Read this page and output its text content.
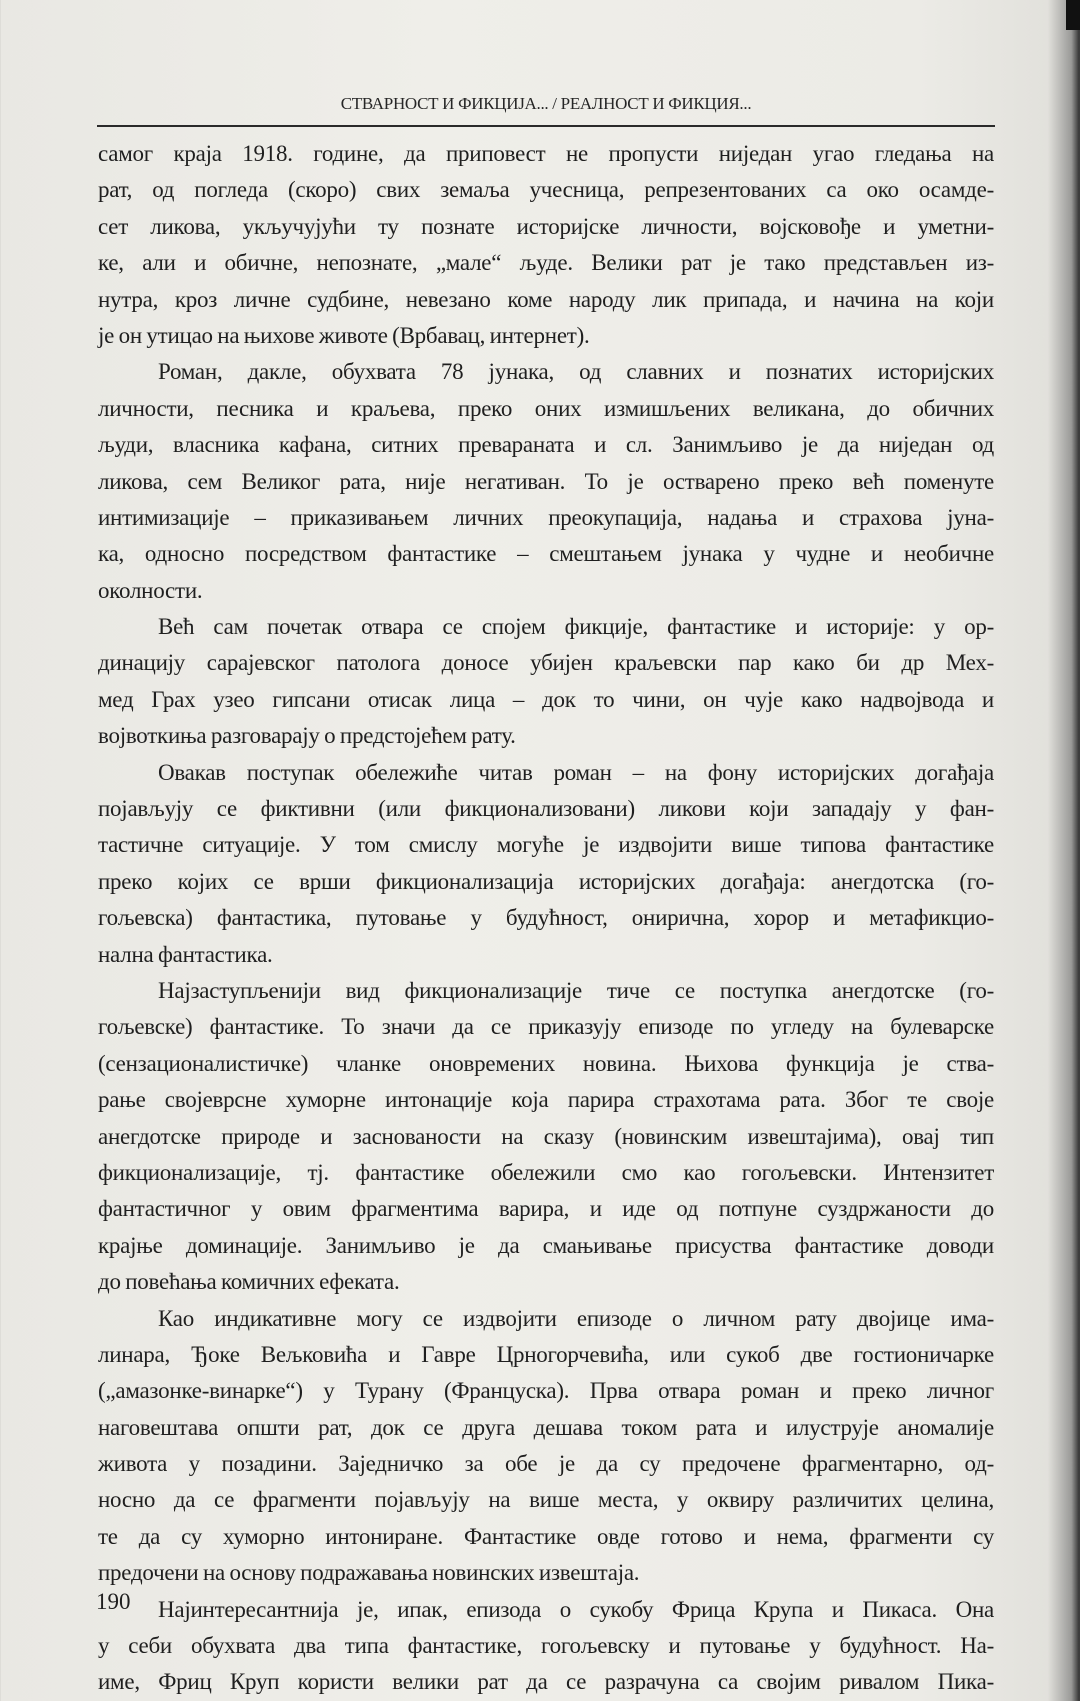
СТВАРНОСТ И ФИКЦИЈА... / РЕАЛНОСТ И ФИКЦИЯ...
самог краја 1918. године, да приповест не пропусти ниједан угао гледања на
рат, од погледа (скоро) свих земаља учесница, репрезентованих са око осамде-
сет ликова, укључујући ту познате историјске личности, војсковође и уметни-
ке, али и обичне, непознате, „мале“ људе. Велики рат је тако представљен из-
нутра, кроз личне судбине, невезано коме народу лик припада, и начина на који
је он утицао на њихове животе (Врбавац, интернет).
Роман, дакле, обухвата 78 јунака, од славних и познатих историјских
личности, песника и краљева, преко оних измишљених великана, до обичних
људи, власника кафана, ситних превараната и сл. Занимљиво је да ниједан од
ликова, сем Великог рата, није негативан. То је остварено преко већ поменуте
интимизације – приказивањем личних преокупација, надања и страхова јуна-
ка, односно посредством фантастике – смештањем јунака у чудне и необичне
околности.
Већ сам почетак отвара се спојем фикције, фантастике и историје: у ор-
динацију сарајевског патолога доносе убијен краљевски пар како би др Мех-
мед Грах узео гипсани отисак лица – док то чини, он чује како надвојвода и
војвоткиња разговарају о предстојећем рату.
Овакав поступак обележиће читав роман – на фону историјских догађаја
појављују се фиктивни (или фикционализовани) ликови који западају у фан-
тастичне ситуације. У том смислу могуће је издвојити више типова фантастике
преко којих се врши фикционализација историјских догађаја: анегдотска (го-
гољевска) фантастика, путовање у будућност, онирична, хорор и метафикцио-
нална фантастика.
Најзаступљенији вид фикционализације тиче се поступка анегдотске (го-
гољевске) фантастике. То значи да се приказују епизоде по угледу на булеварске
(сензационалистичке) чланке оновремених новина. Њихова функција је ства-
рање својеврсне хуморне интонације која парира страхотама рата. Због те своје
анегдотске природе и заснованости на сказу (новинским извештајима), овај тип
фикционализације, тј. фантастике обележили смо као гогољевски. Интензитет
фантастичног у овим фрагментима варира, и иде од потпуне суздржаности до
крајње доминације. Занимљиво је да смањивање присуства фантастике доводи
до повећања комичних ефеката.
Као индикативне могу се издвојити епизоде о личном рату двојице има-
линара, Ђоке Вељковића и Гавре Црногорчевића, или сукоб две гостионичарке
(„амазонке-винарке“) у Турану (Француска). Прва отвара роман и преко личног
наговештава општи рат, док се друга дешава током рата и илуструје аномалије
живота у позадини. Заједничко за обе је да су предочене фрагментарно, од-
носно да се фрагменти појављују на више места, у оквиру различитих целина,
те да су хуморно интониране. Фантастике овде готово и нема, фрагменти су
предочени на основу подражавања новинских извештаја.
Најинтересантнија је, ипак, епизода о сукобу Фрица Крупа и Пикаса. Она
у себи обухвата два типа фантастике, гогољевску и путовање у будућност. На-
име, Фриц Круп користи велики рат да се разрачуна са својим ривалом Пика-
190
